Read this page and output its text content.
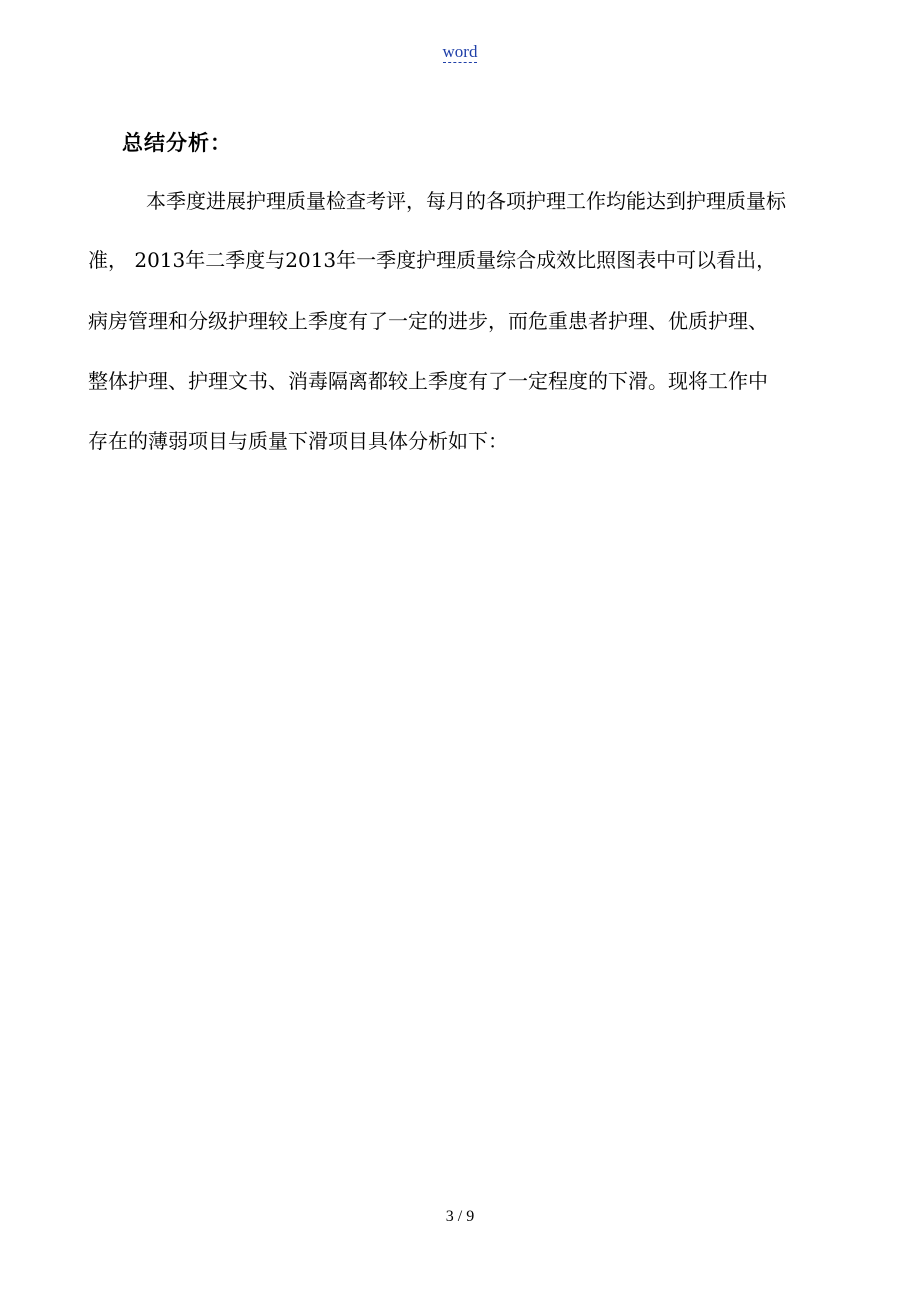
word
总结分析：

本季度进展护理质量检查考评，每月的各项护理工作均能达到护理质量标

准， 2013年二季度与2013年一季度护理质量综合成效比照图表中可以看出，

病房管理和分级护理较上季度有了一定的进步，而危重患者护理、优质护理、

整体护理、护理文书、消毒隔离都较上季度有了一定程度的下滑。现将工作中

存在的薄弱项目与质量下滑项目具体分析如下：

3 / 9
